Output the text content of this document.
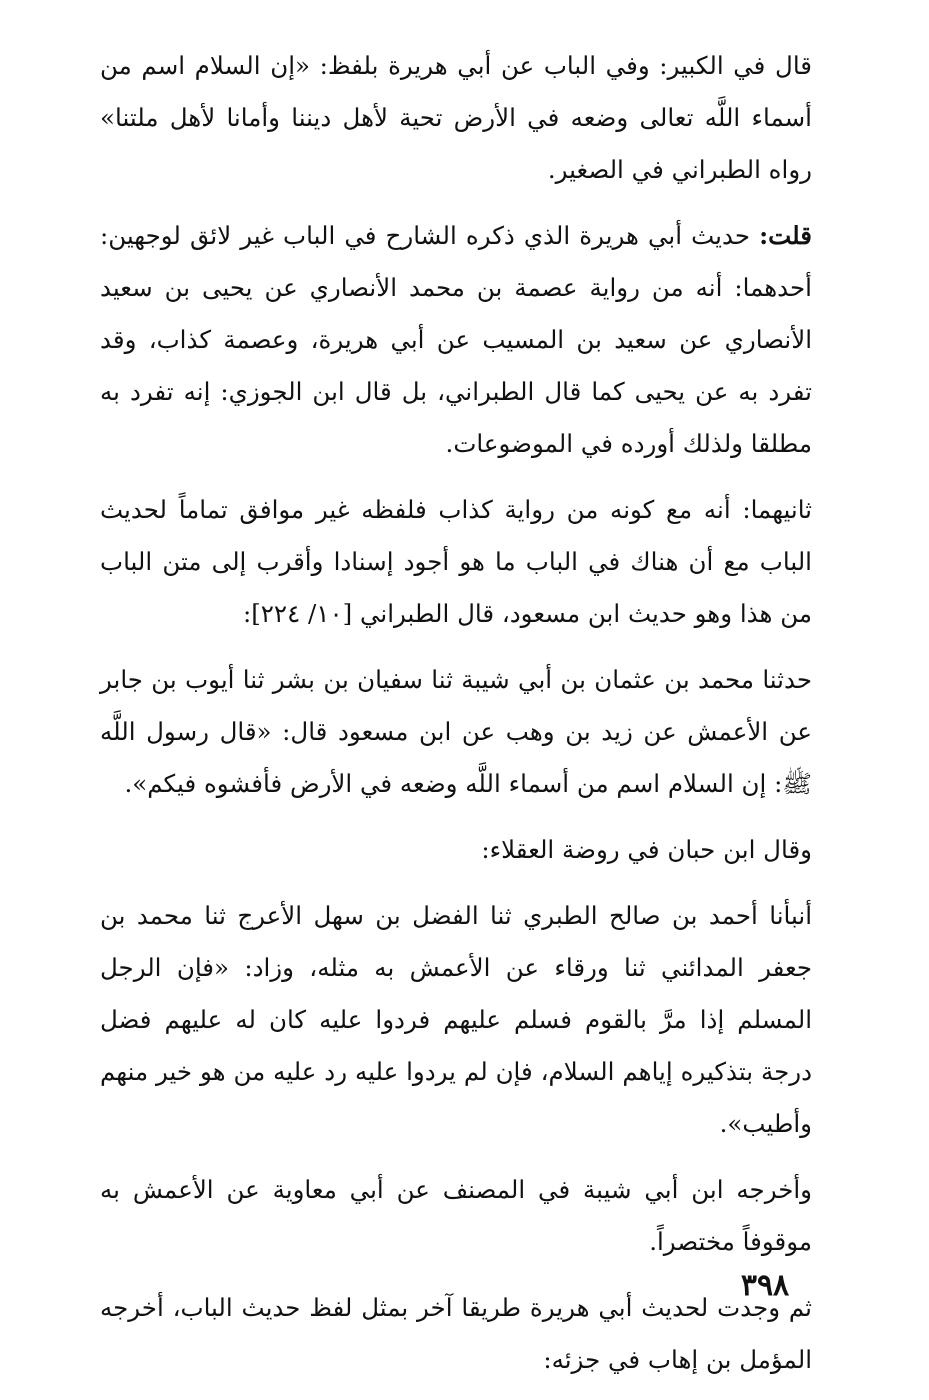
قال في الكبير: وفي الباب عن أبي هريرة بلفظ: «إن السلام اسم من أسماء اللَّه تعالى وضعه في الأرض تحية لأهل ديننا وأمانا لأهل ملتنا» رواه الطبراني في الصغير.

قلت: حديث أبي هريرة الذي ذكره الشارح في الباب غير لائق لوجهين: أحدهما: أنه من رواية عصمة بن محمد الأنصاري عن يحيى بن سعيد الأنصاري عن سعيد بن المسيب عن أبي هريرة، وعصمة كذاب، وقد تفرد به عن يحيى كما قال الطبراني، بل قال ابن الجوزي: إنه تفرد به مطلقا ولذلك أورده في الموضوعات.

ثانيهما: أنه مع كونه من رواية كذاب فلفظه غير موافق تماماً لحديث الباب مع أن هناك في الباب ما هو أجود إسنادا وأقرب إلى متن الباب من هذا وهو حديث ابن مسعود، قال الطبراني [١٠/ ٢٢٤]:

حدثنا محمد بن عثمان بن أبي شيبة ثنا سفيان بن بشر ثنا أيوب بن جابر عن الأعمش عن زيد بن وهب عن ابن مسعود قال: «قال رسول اللَّه ﷺ: إن السلام اسم من أسماء اللَّه وضعه في الأرض فأفشوه فيكم».

وقال ابن حبان في روضة العقلاء:

أنبأنا أحمد بن صالح الطبري ثنا الفضل بن سهل الأعرج ثنا محمد بن جعفر المدائني ثنا ورقاء عن الأعمش به مثله، وزاد: «فإن الرجل المسلم إذا مرَّ بالقوم فسلم عليهم فردوا عليه كان له عليهم فضل درجة بتذكيره إياهم السلام، فإن لم يردوا عليه رد عليه من هو خير منهم وأطيب».

وأخرجه ابن أبي شيبة في المصنف عن أبي معاوية عن الأعمش به موقوفاً مختصراً.

ثم وجدت لحديث أبي هريرة طريقا آخر بمثل لفظ حديث الباب، أخرجه المؤمل بن إهاب في جزئه:

٣٩٨
